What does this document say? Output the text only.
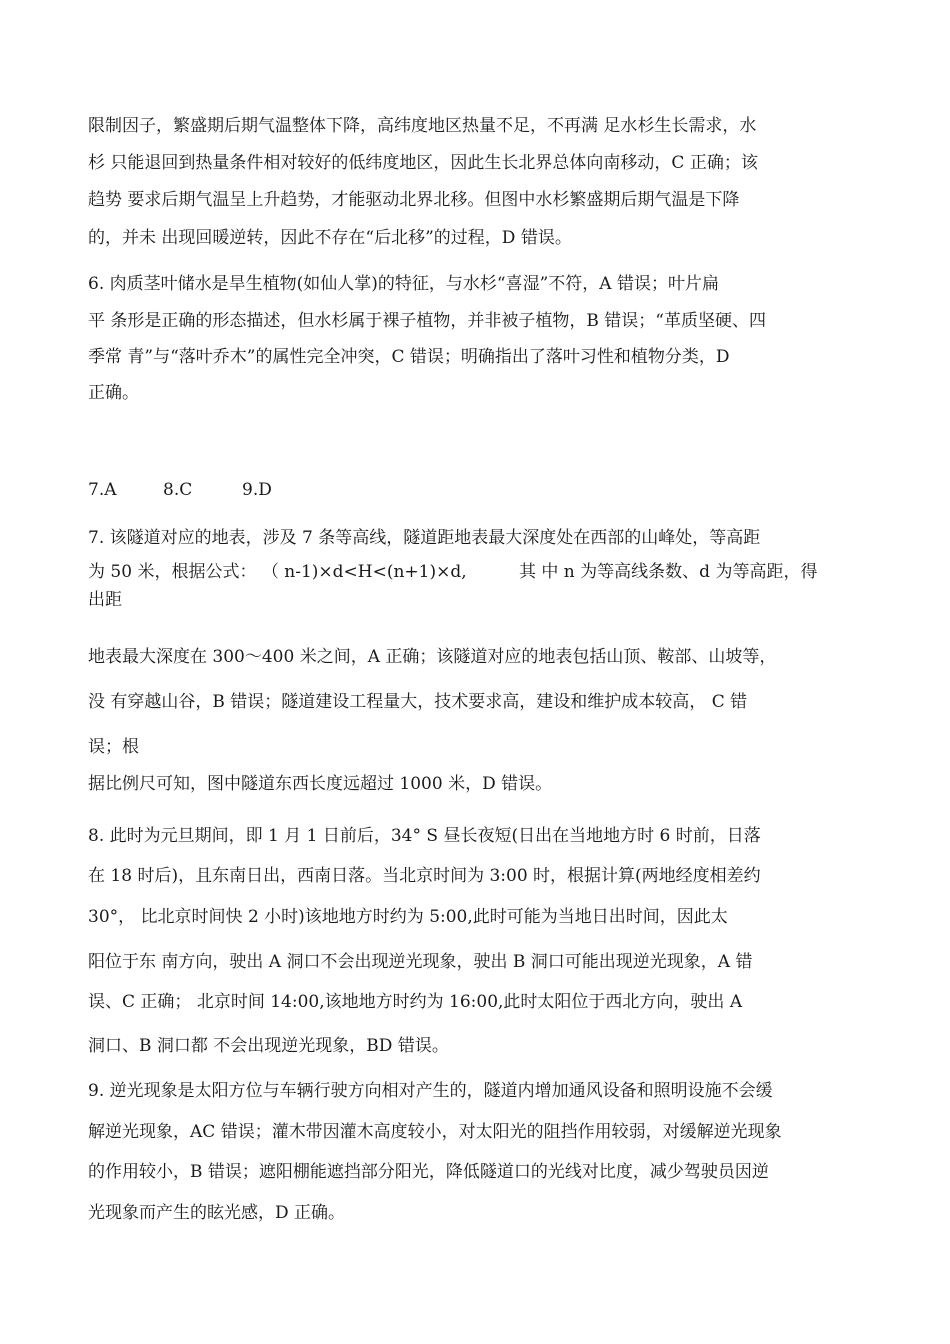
限制因子，繁盛期后期气温整体下降，高纬度地区热量不足，不再满 足水杉生长需求，水
杉 只能退回到热量条件相对较好的低纬度地区，因此生长北界总体向南移动，C 正确；该
趋势 要求后期气温呈上升趋势，才能驱动北界北移。但图中水杉繁盛期后期气温是下降
的，并未 出现回暖逆转，因此不存在“后北移”的过程，D 错误。
6. 肉质茎叶储水是旱生植物(如仙人掌)的特征，与水杉“喜湿”不符，A 错误；叶片扁
平 条形是正确的形态描述，但水杉属于裸子植物，并非被子植物，B 错误；“革质坚硬、四
季常 青”与“落叶乔木”的属性完全冲突，C 错误；明确指出了落叶习性和植物分类，D
正确。
7.A	8.C	9.D
7. 该隧道对应的地表，涉及 7 条等高线，隧道距地表最大深度处在西部的山峰处，等高距
为 50 米，根据公式： （ n-1)×d<H<(n+1)×d,	其 中 n 为等高线条数、d 为等高距，得
出距
地表最大深度在 300～400 米之间，A 正确；该隧道对应的地表包括山顶、鞍部、山坡等，
没 有穿越山谷，B 错误；隧道建设工程量大，技术要求高，建设和维护成本较高， C 错
误；根
据比例尺可知，图中隧道东西长度远超过 1000 米，D 错误。
8. 此时为元旦期间，即 1 月 1 日前后，34° S 昼长夜短(日出在当地地方时 6 时前，日落
在 18 时后)，且东南日出，西南日落。当北京时间为 3:00 时，根据计算(两地经度相差约
30°， 比北京时间快 2 小时)该地地方时约为 5:00,此时可能为当地日出时间，因此太
阳位于东 南方向，驶出 A 洞口不会出现逆光现象，驶出 B 洞口可能出现逆光现象，A 错
误、C 正确； 北京时间 14:00,该地地方时约为 16:00,此时太阳位于西北方向，驶出 A
洞口、B 洞口都 不会出现逆光现象，BD 错误。
9. 逆光现象是太阳方位与车辆行驶方向相对产生的，隧道内增加通风设备和照明设施不会缓
解逆光现象，AC 错误；灌木带因灌木高度较小，对太阳光的阻挡作用较弱，对缓解逆光现象
的作用较小，B 错误；遮阳棚能遮挡部分阳光，降低隧道口的光线对比度，减少驾驶员因逆
光现象而产生的眩光感，D 正确。
